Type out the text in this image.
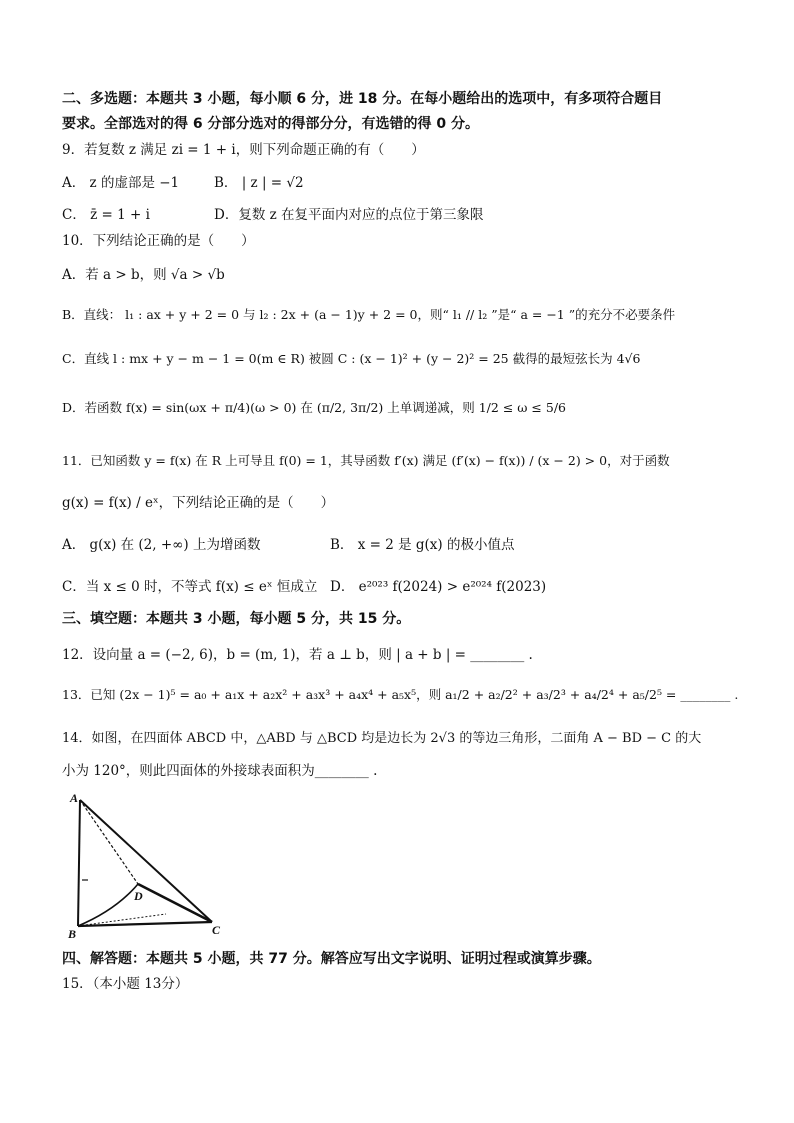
二、多选题：本题共 3 小题，每小顺 6 分，进 18 分。在每小题给出的选项中，有多项符合题目
要求。全部选对的得 6 分部分选对的得部分分，有选错的得 0 分。
9．若复数 z 满足 zi = 1 + i，则下列命题正确的有（　　）
A． z 的虚部是 −1	B． | z | = √2
C． z̄ = 1 + i	D．复数 z 在复平面内对应的点位于第三象限
10．下列结论正确的是（　　）
A．若 a > b，则 √a > √b
B．直线： l₁ : ax + y + 2 = 0 与 l₂ : 2x + (a − 1)y + 2 = 0，则“ l₁ // l₂ ”是“ a = −1 ”的充分不必要条件
C．直线 l : mx + y − m − 1 = 0(m ∈ R) 被圆 C : (x − 1)² + (y − 2)² = 25 截得的最短弦长为 4√6
D．若函数 f(x) = sin(ωx + π/4)(ω > 0) 在 (π/2, 3π/2) 上单调递减，则 1/2 ≤ ω ≤ 5/6
11．已知函数 y = f(x) 在 R 上可导且 f(0) = 1，其导函数 f′(x) 满足 (f′(x) − f(x)) / (x − 2) > 0，对于函数
g(x) = f(x) / eˣ，下列结论正确的是（　　）
A． g(x) 在 (2, +∞) 上为增函数	B． x = 2 是 g(x) 的极小值点
C．当 x ≤ 0 时，不等式 f(x) ≤ eˣ 恒成立 D． e²⁰²³ f(2024) > e²⁰²⁴ f(2023)
三、填空题：本题共 3 小题，每小题 5 分，共 15 分。
12．设向量 a = (−2, 6)，b = (m, 1)，若 a ⊥ b，则 | a + b | = ________ .
13．已知 (2x − 1)⁵ = a₀ + a₁x + a₂x² + a₃x³ + a₄x⁴ + a₅x⁵，则 a₁/2 + a₂/2² + a₃/2³ + a₄/2⁴ + a₅/2⁵ = ________ .
14．如图，在四面体 ABCD 中，△ABD 与 △BCD 均是边长为 2√3 的等边三角形，二面角 A − BD − C 的大
小为 120°，则此四面体的外接球表面积为________ .
A
B	C
D
四、解答题：本题共 5 小题，共 77 分。解答应写出文字说明、证明过程或演算步骤。
15．（本小题 13分）
